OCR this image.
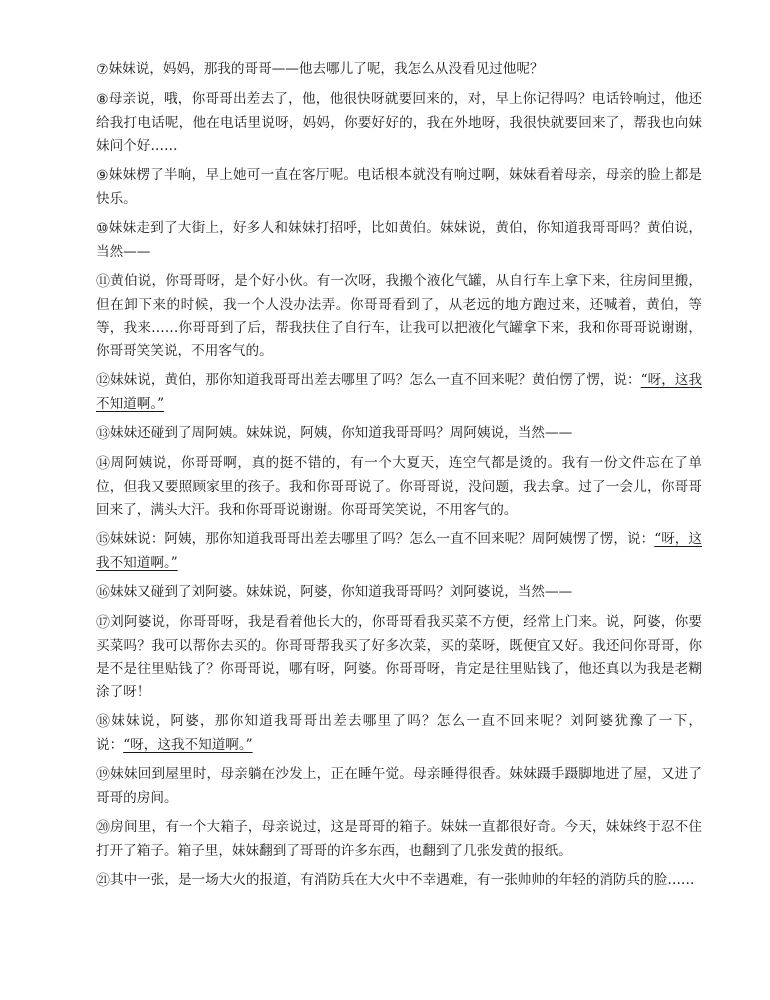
⑦妹妹说，妈妈，那我的哥哥——他去哪儿了呢，我怎么从没看见过他呢？

⑧母亲说，哦，你哥哥出差去了，他，他很快呀就要回来的，对，早上你记得吗？电话铃响过，他还给我打电话呢，他在电话里说呀，妈妈，你要好好的，我在外地呀，我很快就要回来了，帮我也向妹妹问个好……

⑨妹妹楞了半晌，早上她可一直在客厅呢。电话根本就没有响过啊，妹妹看着母亲，母亲的脸上都是快乐。

⑩妹妹走到了大街上，好多人和妹妹打招呼，比如黄伯。妹妹说，黄伯，你知道我哥哥吗？黄伯说，当然——

⑪黄伯说，你哥哥呀，是个好小伙。有一次呀，我搬个液化气罐，从自行车上拿下来，往房间里搬，但在卸下来的时候，我一个人没办法弄。你哥哥看到了，从老远的地方跑过来，还喊着，黄伯，等等，我来……你哥哥到了后，帮我扶住了自行车，让我可以把液化气罐拿下来，我和你哥哥说谢谢，你哥哥笑笑说，不用客气的。

⑫妹妹说，黄伯，那你知道我哥哥出差去哪里了吗？怎么一直不回来呢？黄伯愣了愣，说：“呀，这我不知道啊。”

⑬妹妹还碰到了周阿姨。妹妹说，阿姨，你知道我哥哥吗？周阿姨说，当然——

⑭周阿姨说，你哥哥啊，真的挺不错的，有一个大夏天，连空气都是烫的。我有一份文件忘在了单位，但我又要照顾家里的孩子。我和你哥哥说了。你哥哥说，没问题，我去拿。过了一会儿，你哥哥回来了，满头大汗。我和你哥哥说谢谢。你哥哥笑笑说，不用客气的。

⑮妹妹说：阿姨，那你知道我哥哥出差去哪里了吗？怎么一直不回来呢？周阿姨愣了愣，说：“呀，这我不知道啊。”

⑯妹妹又碰到了刘阿婆。妹妹说，阿婆，你知道我哥哥吗？刘阿婆说，当然——

⑰刘阿婆说，你哥哥呀，我是看着他长大的，你哥哥看我买菜不方便，经常上门来。说，阿婆，你要买菜吗？我可以帮你去买的。你哥哥帮我买了好多次菜，买的菜呀，既便宜又好。我还问你哥哥，你是不是往里贴钱了？你哥哥说，哪有呀，阿婆。你哥哥呀，肯定是往里贴钱了，他还真以为我是老糊涂了呀！

⑱妹妹说，阿婆，那你知道我哥哥出差去哪里了吗？怎么一直不回来呢？刘阿婆犹豫了一下，说：“呀，这我不知道啊。”

⑲妹妹回到屋里时，母亲躺在沙发上，正在睡午觉。母亲睡得很香。妹妹蹑手蹑脚地进了屋，又进了哥哥的房间。

⑳房间里，有一个大箱子，母亲说过，这是哥哥的箱子。妹妹一直都很好奇。今天，妹妹终于忍不住打开了箱子。箱子里，妹妹翻到了哥哥的许多东西，也翻到了几张发黄的报纸。

㉑其中一张，是一场大火的报道，有消防兵在大火中不幸遇难，有一张帅帅的年轻的消防兵的脸……
